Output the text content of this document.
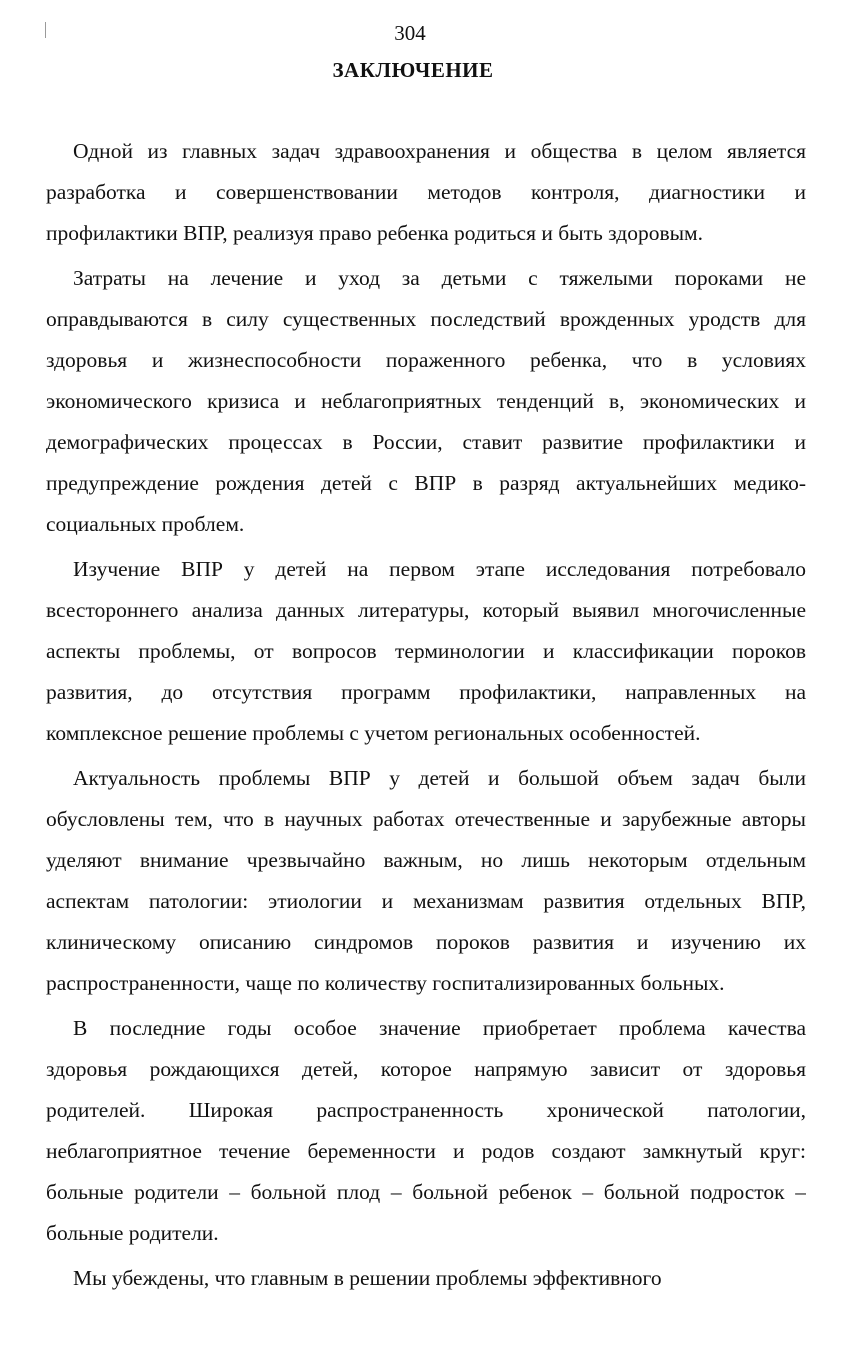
304
ЗАКЛЮЧЕНИЕ
Одной из главных задач здравоохранения и общества в целом является
разработка и совершенствовании методов контроля, диагностики и
профилактики ВПР, реализуя право ребенка родиться и быть здоровым.
Затраты на лечение и уход за детьми с тяжелыми пороками не
оправдываются в силу существенных последствий врожденных уродств для
здоровья и жизнеспособности пораженного ребенка, что в условиях
экономического кризиса и неблагоприятных тенденций в, экономических и
демографических процессах в России, ставит развитие профилактики и
предупреждение рождения детей с ВПР в разряд актуальнейших медико-
социальных проблем.
Изучение ВПР у детей на первом этапе исследования потребовало
всестороннего анализа данных литературы, который выявил многочисленные
аспекты проблемы, от вопросов терминологии и классификации пороков
развития, до отсутствия программ профилактики, направленных на
комплексное решение проблемы с учетом региональных особенностей.
Актуальность проблемы ВПР у детей и большой объем задач были
обусловлены тем, что в научных работах отечественные и зарубежные авторы
уделяют внимание чрезвычайно важным, но лишь некоторым отдельным
аспектам патологии: этиологии и механизмам развития отдельных ВПР,
клиническому описанию синдромов пороков развития и изучению их
распространенности, чаще по количеству госпитализированных больных.
В последние годы особое значение приобретает проблема качества
здоровья рождающихся детей, которое напрямую зависит от здоровья
родителей. Широкая распространенность хронической патологии,
неблагоприятное течение беременности и родов создают замкнутый круг:
больные родители – больной плод – больной ребенок – больной подросток –
больные родители.
Мы убеждены, что главным в решении проблемы эффективного
